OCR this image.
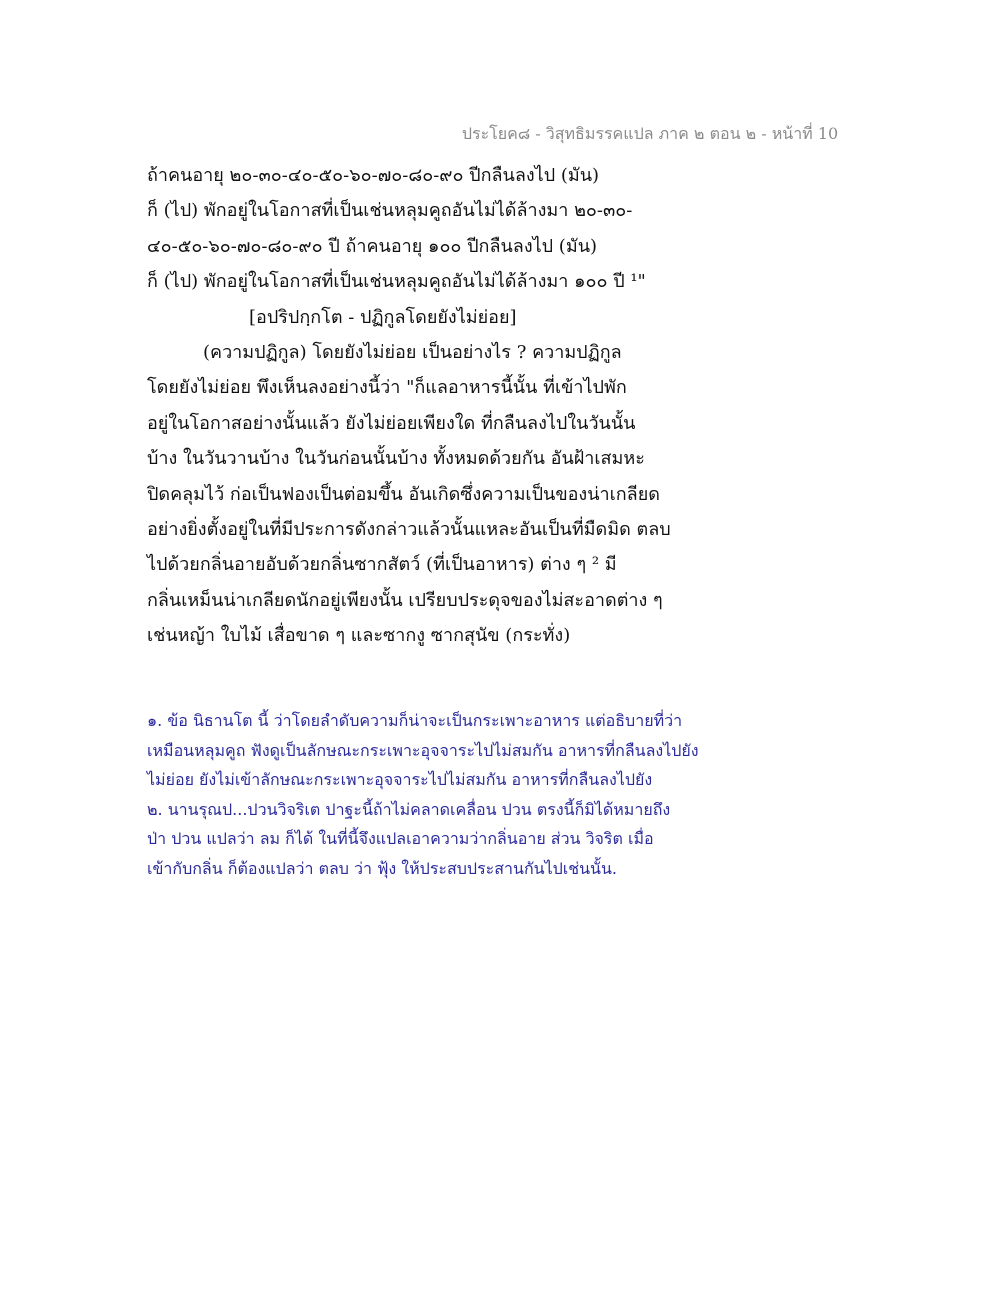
ประโยค๘ - วิสุทธิมรรคแปล ภาค ๒ ตอน ๒ - หน้าที่ 10
ถ้าคนอายุ ๒๐-๓๐-๔๐-๕๐-๖๐-๗๐-๘๐-๙๐ ปีกลืนลงไป (มัน)
ก็ (ไป) พักอยู่ในโอกาสที่เป็นเช่นหลุมคูถอันไม่ได้ล้างมา ๒๐-๓๐-
๔๐-๕๐-๖๐-๗๐-๘๐-๙๐ ปี ถ้าคนอายุ ๑๐๐ ปีกลืนลงไป (มัน)
ก็ (ไป) พักอยู่ในโอกาสที่เป็นเช่นหลุมคูถอันไม่ได้ล้างมา ๑๐๐ ปี ¹"
[อปริปกฺกโต - ปฏิกูลโดยยังไม่ย่อย]
(ความปฏิกูล) โดยยังไม่ย่อย เป็นอย่างไร ? ความปฏิกูล
โดยยังไม่ย่อย พึงเห็นลงอย่างนี้ว่า "ก็แลอาหารนี้นั้น ที่เข้าไปพัก
อยู่ในโอกาสอย่างนั้นแล้ว ยังไม่ย่อยเพียงใด ที่กลืนลงไปในวันนั้น
บ้าง ในวันวานบ้าง ในวันก่อนนั้นบ้าง ทั้งหมดด้วยกัน อันฝ้าเสมหะ
ปิดคลุมไว้ ก่อเป็นฟองเป็นต่อมขึ้น อันเกิดซึ่งความเป็นของน่าเกลียด
อย่างยิ่งตั้งอยู่ในที่มีประการดังกล่าวแล้วนั้นแหละอันเป็นที่มืดมิด ตลบ
ไปด้วยกลิ่นอายอับด้วยกลิ่นซากสัตว์ (ที่เป็นอาหาร) ต่าง ๆ ² มี
กลิ่นเหม็นน่าเกลียดนักอยู่เพียงนั้น เปรียบประดุจของไม่สะอาดต่าง ๆ
เช่นหญ้า ใบไม้ เสื่อขาด ๆ และซากงู ซากสุนัข (กระทั่ง)
๑. ข้อ นิธานโต นี้ ว่าโดยลำดับความก็น่าจะเป็นกระเพาะอาหาร แต่อธิบายที่ว่า
เหมือนหลุมคูถ ฟังดูเป็นลักษณะกระเพาะอุจจาระไปไม่สมกัน อาหารที่กลืนลงไปยัง
ไม่ย่อย ยังไม่เข้าลักษณะกระเพาะอุจจาระไปไม่สมกัน อาหารที่กลืนลงไปยัง
๒. นานรุณป...ปวนวิจริเต ปาฐะนี้ถ้าไม่คลาดเคลื่อน ปวน ตรงนี้ก็มิได้หมายถึง
ป่า ปวน แปลว่า ลม ก็ได้ ในที่นี้จึงแปลเอาความว่ากลิ่นอาย ส่วน วิจริต เมื่อ
เข้ากับกลิ่น ก็ต้องแปลว่า ตลบ ว่า ฟุ้ง ให้ประสบประสานกันไปเช่นนั้น.
